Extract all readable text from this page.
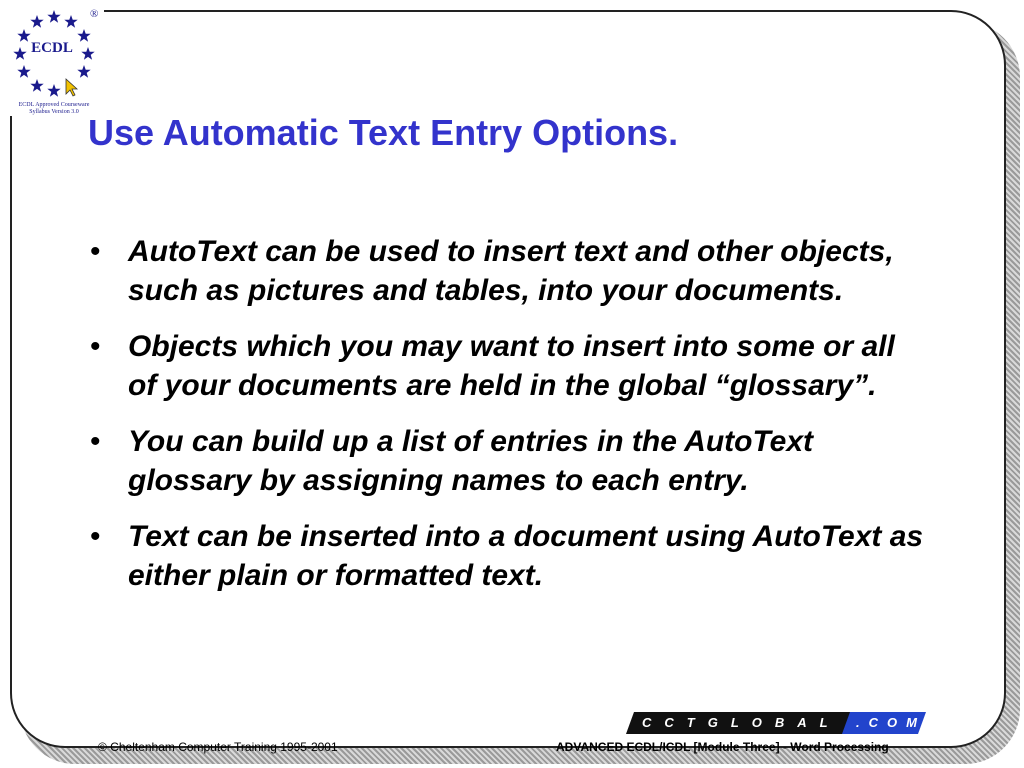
®
ECDL
ECDL Approved Courseware
Syllabus Version 3.0 Use Automatic Text Entry Options.
• AutoText can be used to insert text and other objects, such as pictures and tables, into your documents.
• Objects which you may want to insert into some or all of your documents are held in the global “glossary”.
• You can build up a list of entries in the AutoText glossary by assigning names to each entry.
• Text can be inserted into a document using AutoText as either plain or formatted text.
CCTGLOBAL .COM
© Cheltenham Computer Training 1995-2001	ADVANCED ECDL/ICDL [Module Three] - Word Processing
